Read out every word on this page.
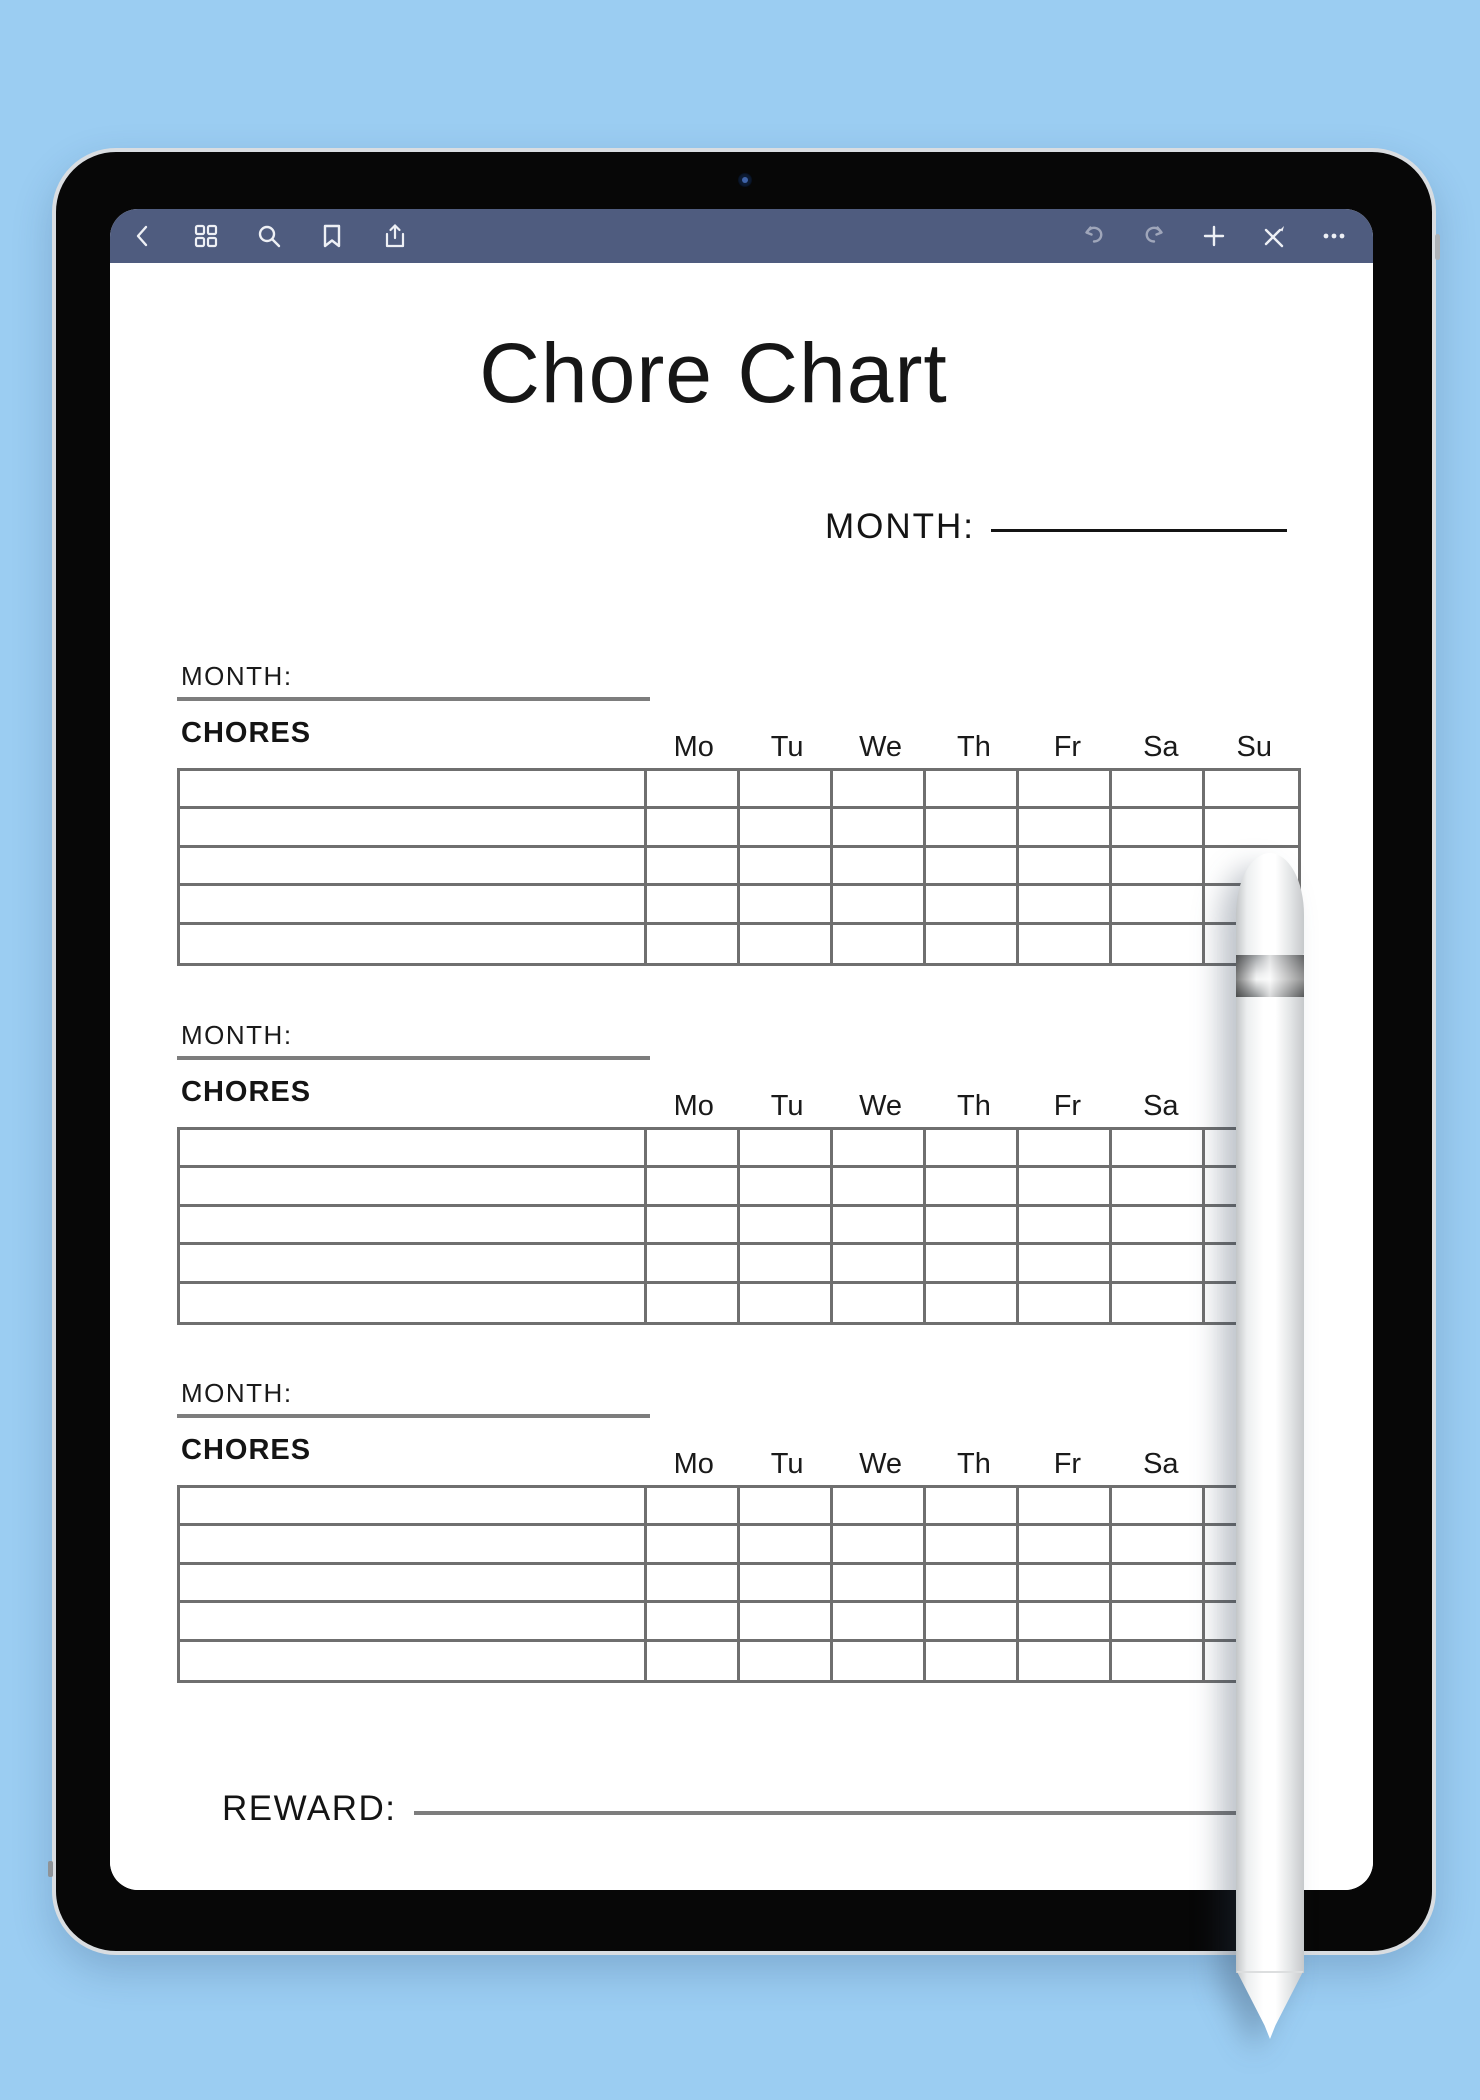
Chore Chart
MONTH:
MONTH:
CHORES	Mo	Tu	We	Th	Fr	Sa	Su
MONTH:
CHORES	Mo	Tu	We	Th	Fr	Sa
MONTH:
CHORES	Mo	Tu	We	Th	Fr	Sa
REWARD:
